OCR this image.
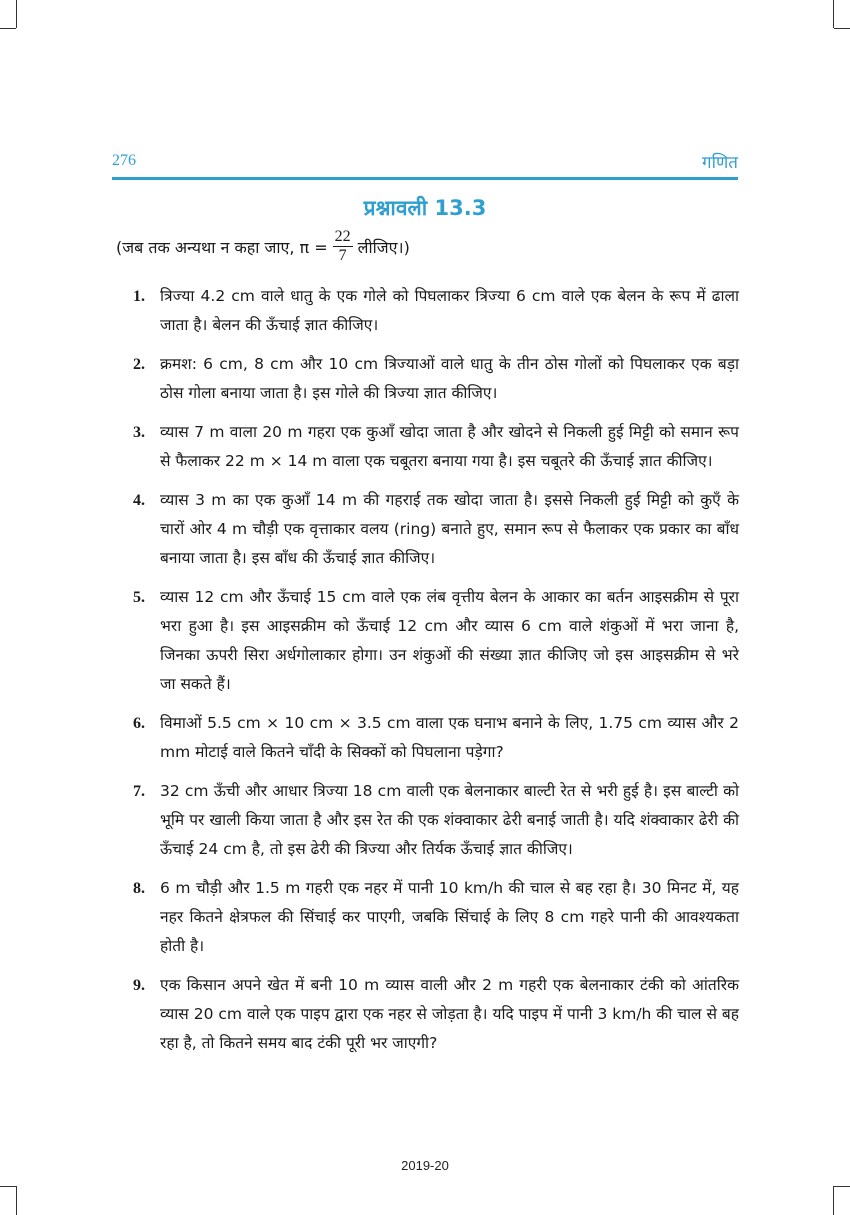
276	गणित
प्रश्नावली 13.3
(जब तक अन्यथा न कहा जाए, $\pi = \frac{22}{7}$ लीजिए।)
1. त्रिज्या 4.2 cm वाले धातु के एक गोले को पिघलाकर त्रिज्या 6 cm वाले एक बेलन के रूप में ढाला जाता है। बेलन की ऊँचाई ज्ञात कीजिए।
2. क्रमश: 6 cm, 8 cm और 10 cm त्रिज्याओं वाले धातु के तीन ठोस गोलों को पिघलाकर एक बड़ा ठोस गोला बनाया जाता है। इस गोले की त्रिज्या ज्ञात कीजिए।
3. व्यास 7 m वाला 20 m गहरा एक कुआँ खोदा जाता है और खोदने से निकली हुई मिट्टी को समान रूप से फैलाकर 22 m × 14 m वाला एक चबूतरा बनाया गया है। इस चबूतरे की ऊँचाई ज्ञात कीजिए।
4. व्यास 3 m का एक कुआँ 14 m की गहराई तक खोदा जाता है। इससे निकली हुई मिट्टी को कुएँ के चारों ओर 4 m चौड़ी एक वृत्ताकार वलय (ring) बनाते हुए, समान रूप से फैलाकर एक प्रकार का बाँध बनाया जाता है। इस बाँध की ऊँचाई ज्ञात कीजिए।
5. व्यास 12 cm और ऊँचाई 15 cm वाले एक लंब वृत्तीय बेलन के आकार का बर्तन आइसक्रीम से पूरा भरा हुआ है। इस आइसक्रीम को ऊँचाई 12 cm और व्यास 6 cm वाले शंकुओं में भरा जाना है, जिनका ऊपरी सिरा अर्धगोलाकार होगा। उन शंकुओं की संख्या ज्ञात कीजिए जो इस आइसक्रीम से भरे जा सकते हैं।
6. विमाओं 5.5 cm × 10 cm × 3.5 cm वाला एक घनाभ बनाने के लिए, 1.75 cm व्यास और 2 mm मोटाई वाले कितने चाँदी के सिक्कों को पिघलाना पड़ेगा?
7. 32 cm ऊँची और आधार त्रिज्या 18 cm वाली एक बेलनाकार बाल्टी रेत से भरी हुई है। इस बाल्टी को भूमि पर खाली किया जाता है और इस रेत की एक शंक्वाकार ढेरी बनाई जाती है। यदि शंक्वाकार ढेरी की ऊँचाई 24 cm है, तो इस ढेरी की त्रिज्या और तिर्यक ऊँचाई ज्ञात कीजिए।
8. 6 m चौड़ी और 1.5 m गहरी एक नहर में पानी 10 km/h की चाल से बह रहा है। 30 मिनट में, यह नहर कितने क्षेत्रफल की सिंचाई कर पाएगी, जबकि सिंचाई के लिए 8 cm गहरे पानी की आवश्यकता होती है।
9. एक किसान अपने खेत में बनी 10 m व्यास वाली और 2 m गहरी एक बेलनाकार टंकी को आंतरिक व्यास 20 cm वाले एक पाइप द्वारा एक नहर से जोड़ता है। यदि पाइप में पानी 3 km/h की चाल से बह रहा है, तो कितने समय बाद टंकी पूरी भर जाएगी?
2019-20
